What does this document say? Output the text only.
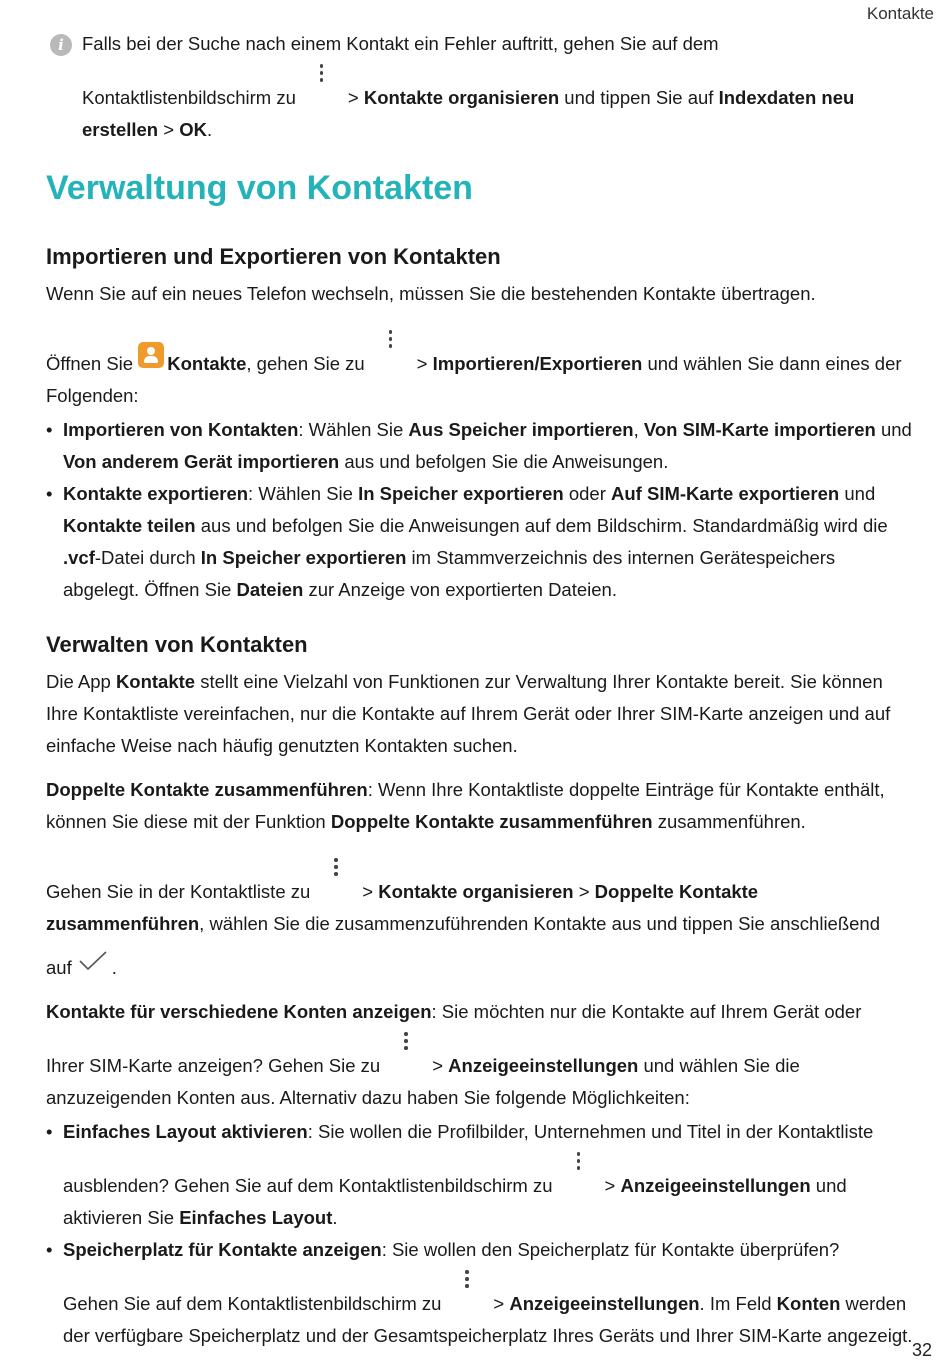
Kontakte
i Falls bei der Suche nach einem Kontakt ein Fehler auftritt, gehen Sie auf dem

Kontaktlistenbildschirm zu	> Kontakte organisieren und tippen Sie auf Indexdaten neu erstellen > OK.

Verwaltung von Kontakten
Importieren und Exportieren von Kontakten

Wenn Sie auf ein neues Telefon wechseln, müssen Sie die bestehenden Kontakte übertragen.

Öffnen Sie Kontakte, gehen Sie zu	> Importieren/Exportieren und wählen Sie dann eines der Folgenden:

• Importieren von Kontakten: Wählen Sie Aus Speicher importieren, Von SIM-Karte importieren und Von anderem Gerät importieren aus und befolgen Sie die Anweisungen.
• Kontakte exportieren: Wählen Sie In Speicher exportieren oder Auf SIM-Karte exportieren und Kontakte teilen aus und befolgen Sie die Anweisungen auf dem Bildschirm. Standardmäßig wird die .vcf-Datei durch In Speicher exportieren im Stammverzeichnis des internen Gerätespeichers abgelegt. Öffnen Sie Dateien zur Anzeige von exportierten Dateien.
Verwalten von Kontakten

Die App Kontakte stellt eine Vielzahl von Funktionen zur Verwaltung Ihrer Kontakte bereit. Sie können Ihre Kontaktliste vereinfachen, nur die Kontakte auf Ihrem Gerät oder Ihrer SIM-Karte anzeigen und auf einfache Weise nach häufig genutzten Kontakten suchen.

Doppelte Kontakte zusammenführen: Wenn Ihre Kontaktliste doppelte Einträge für Kontakte enthält, können Sie diese mit der Funktion Doppelte Kontakte zusammenführen zusammenführen.

Gehen Sie in der Kontaktliste zu	> Kontakte organisieren > Doppelte Kontakte zusammenführen, wählen Sie die zusammenzuführenden Kontakte aus und tippen Sie anschließend
auf .

Kontakte für verschiedene Konten anzeigen: Sie möchten nur die Kontakte auf Ihrem Gerät oder
Ihrer SIM-Karte anzeigen? Gehen Sie zu	> Anzeigeeinstellungen und wählen Sie die anzuzeigenden Konten aus. Alternativ dazu haben Sie folgende Möglichkeiten:

• Einfaches Layout aktivieren: Sie wollen die Profilbilder, Unternehmen und Titel in der Kontaktliste
ausblenden? Gehen Sie auf dem Kontaktlistenbildschirm zu	> Anzeigeeinstellungen und aktivieren Sie Einfaches Layout.
• Speicherplatz für Kontakte anzeigen: Sie wollen den Speicherplatz für Kontakte überprüfen?
Gehen Sie auf dem Kontaktlistenbildschirm zu	> Anzeigeeinstellungen. Im Feld Konten werden der verfügbare Speicherplatz und der Gesamtspeicherplatz Ihres Geräts und Ihrer SIM-Karte angezeigt.
32
